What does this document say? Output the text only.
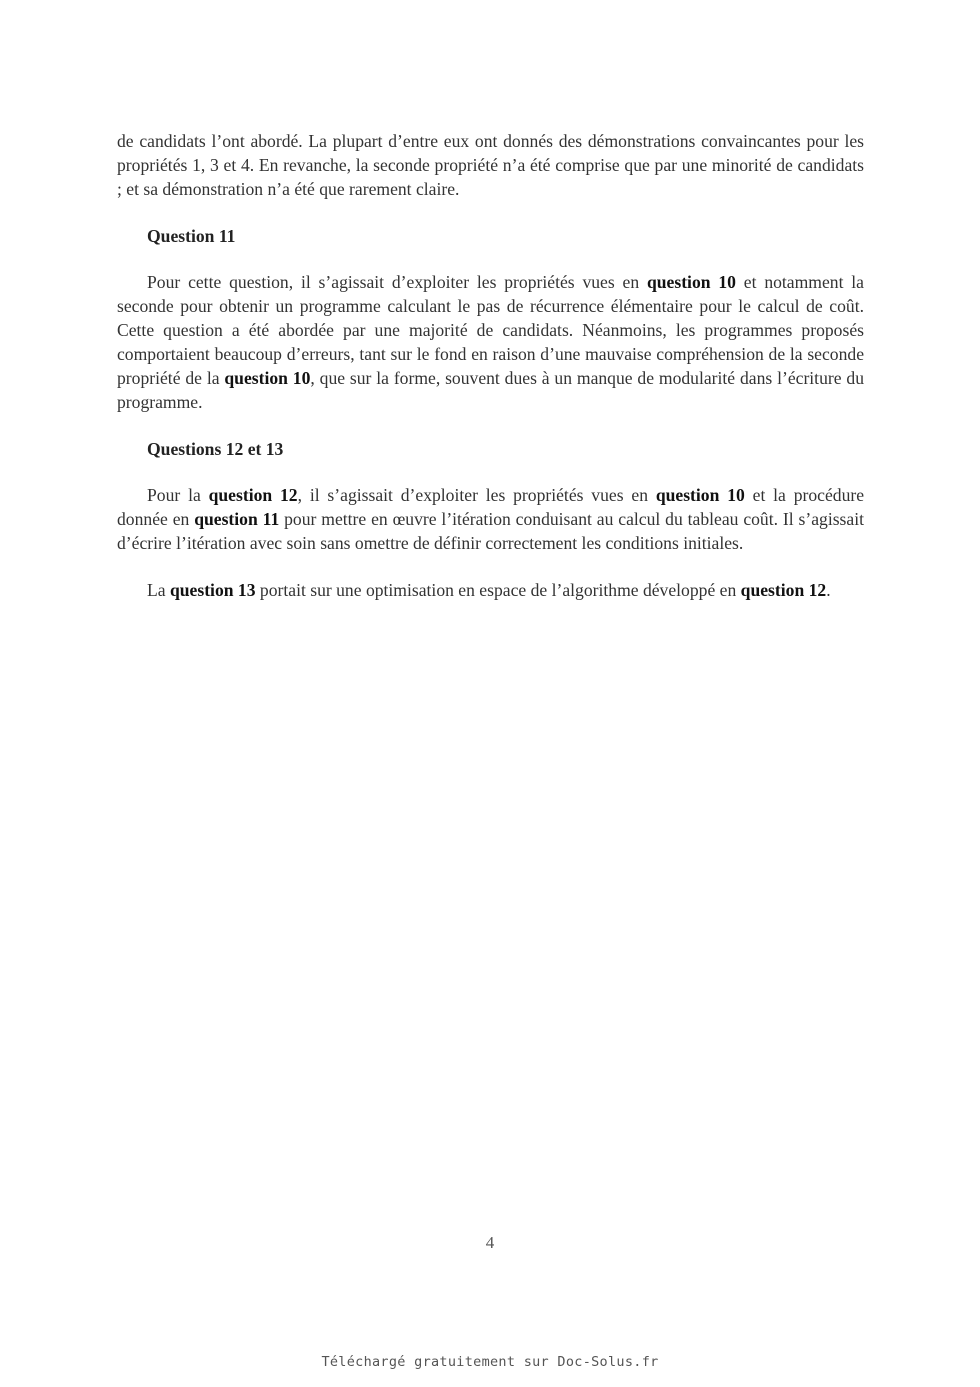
de candidats l’ont abordé. La plupart d’entre eux ont donnés des démonstrations convaincantes pour les propriétés 1, 3 et 4. En revanche, la seconde propriété n’a été comprise que par une minorité de candidats ; et sa démonstration n’a été que rarement claire.

Question 11

Pour cette question, il s’agissait d’exploiter les propriétés vues en question 10 et notamment la seconde pour obtenir un programme calculant le pas de récurrence élémentaire pour le calcul de coût. Cette question a été abordée par une majorité de candidats. Néanmoins, les programmes proposés comportaient beaucoup d’erreurs, tant sur le fond en raison d’une mauvaise compréhension de la seconde propriété de la question 10, que sur la forme, souvent dues à un manque de modularité dans l’écriture du programme.

Questions 12 et 13

Pour la question 12, il s’agissait d’exploiter les propriétés vues en question 10 et la procédure donnée en question 11 pour mettre en œuvre l’itération conduisant au calcul du tableau coût. Il s’agissait d’écrire l’itération avec soin sans omettre de définir correctement les conditions initiales.

La question 13 portait sur une optimisation en espace de l’algorithme développé en question 12.

4
Téléchargé gratuitement sur Doc-Solus.fr
